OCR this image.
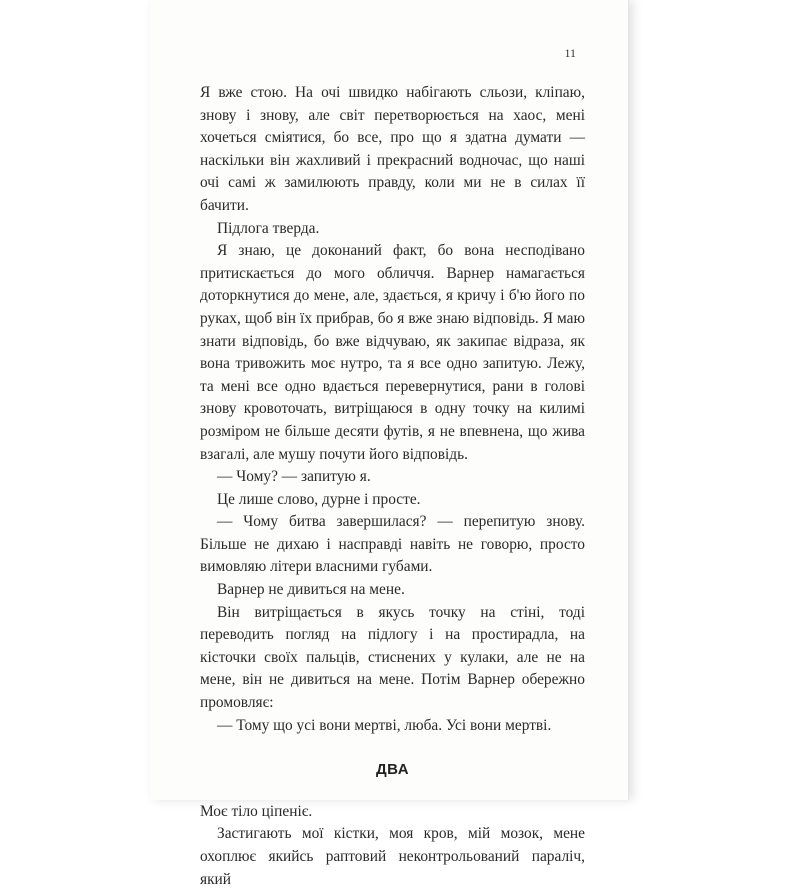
11

Я вже стою. На очі швидко набігають сльози, кліпаю, знову і знову, але світ перетворюється на хаос, мені хочеться сміятися, бо все, про що я здатна думати — наскільки він жахливий і прекрасний водночас, що наші очі самі ж замилюють правду, коли ми не в силах її бачити.

Підлога тверда.

Я знаю, це доконаний факт, бо вона несподівано притискається до мого обличчя. Варнер намагається доторкнутися до мене, але, здається, я кричу і б'ю його по руках, щоб він їх прибрав, бо я вже знаю відповідь. Я маю знати відповідь, бо вже відчуваю, як закипає відраза, як вона тривожить моє нутро, та я все одно запитую. Лежу, та мені все одно вдається перевернутися, рани в голові знову кровоточать, витріщаюся в одну точку на килимі розміром не більше десяти футів, я не впевнена, що жива взагалі, але мушу почути його відповідь.

— Чому? — запитую я.

Це лише слово, дурне і просте.

— Чому битва завершилася? — перепитую знову. Більше не дихаю і насправді навіть не говорю, просто вимовляю літери власними губами.

Варнер не дивиться на мене.

Він витріщається в якусь точку на стіні, тоді переводить погляд на підлогу і на простирадла, на кісточки своїх пальців, стиснених у кулаки, але не на мене, він не дивиться на мене. Потім Варнер обережно промовляє:

— Тому що усі вони мертві, люба. Усі вони мертві.

ДВА

Моє тіло ціпеніє.

Застигають мої кістки, моя кров, мій мозок, мене охоплює якийсь раптовий неконтрольований параліч, який
